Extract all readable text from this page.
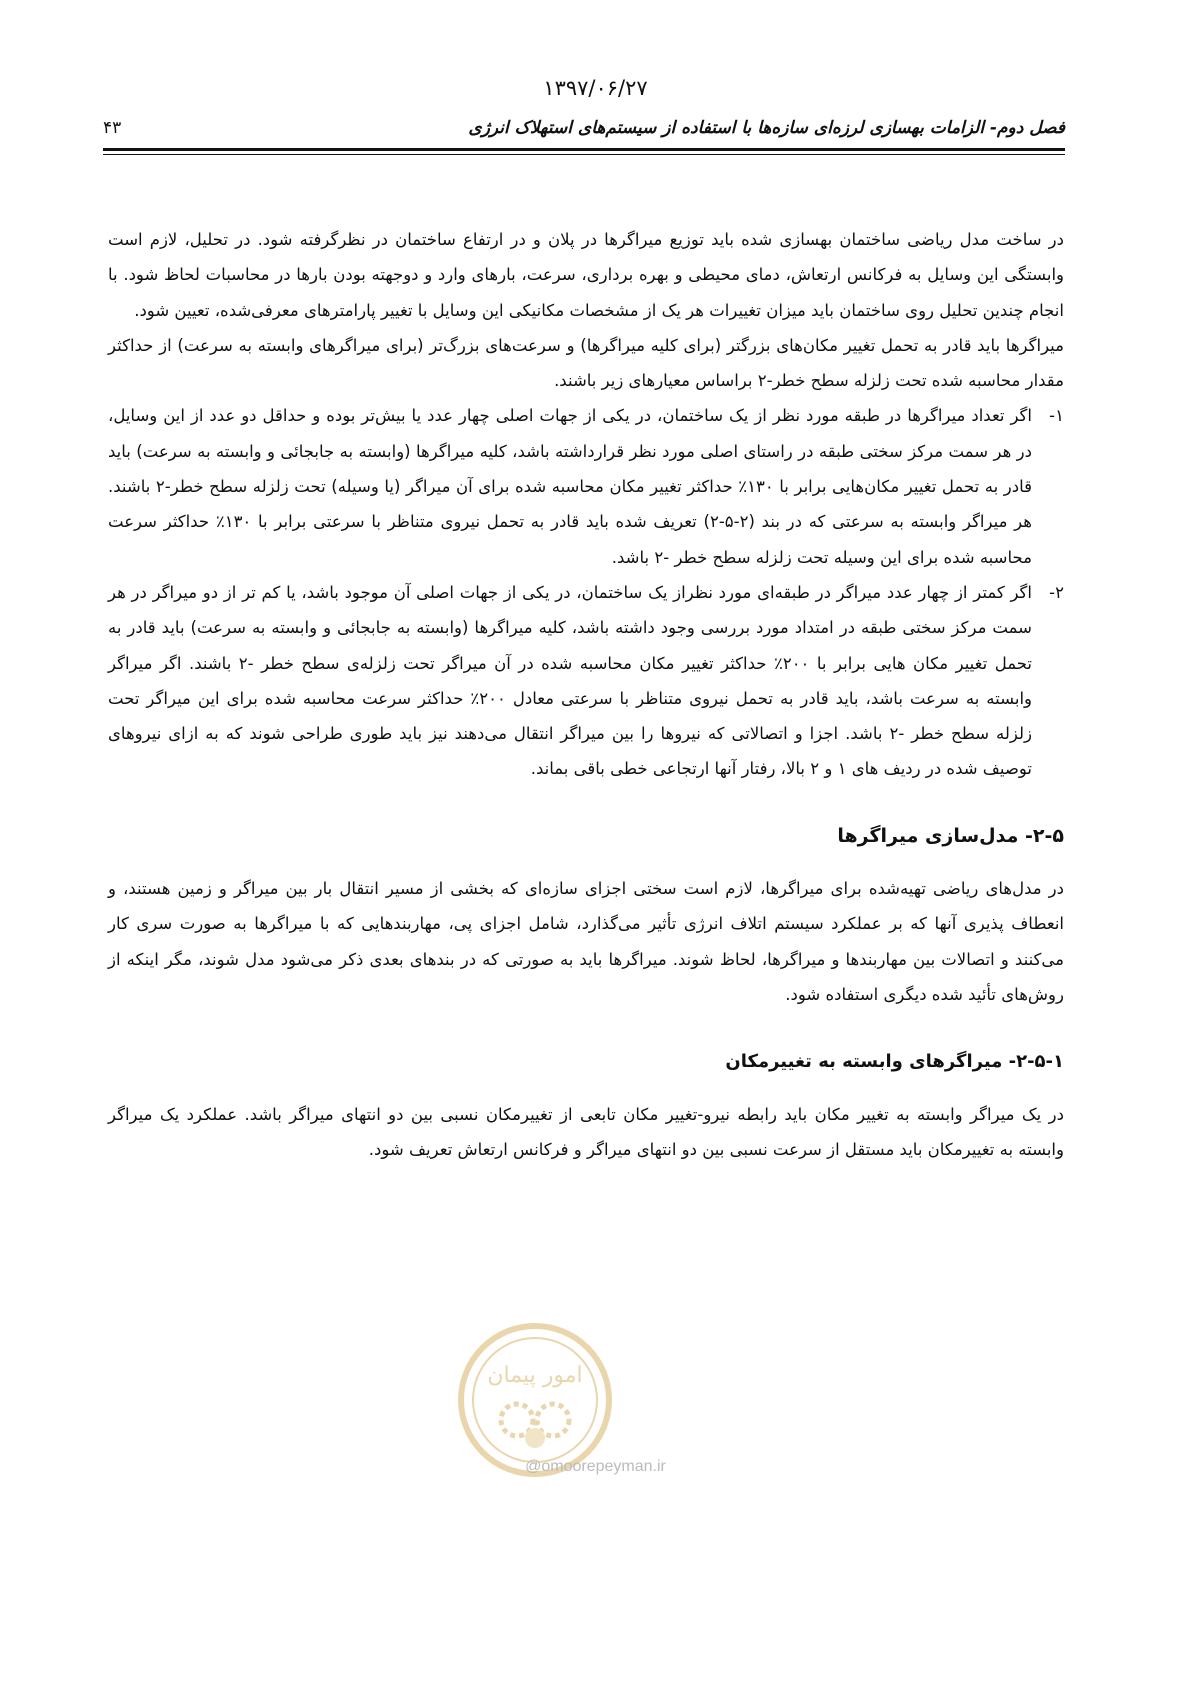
۱۳۹۷/۰۶/۲۷
فصل دوم- الزامات بهسازی لرزه‌ای سازه‌ها با استفاده از سیستم‌های استهلاک انرژی
۴۳

در ساخت مدل ریاضی ساختمان بهسازی شده باید توزیع میراگرها در پلان و در ارتفاع ساختمان در نظرگرفته شود. در تحلیل، لازم است وابستگی این وسایل به فرکانس ارتعاش، دمای محیطی و بهره برداری، سرعت، بارهای وارد و دوجهته بودن بارها در محاسبات لحاظ شود. با انجام چندین تحلیل روی ساختمان باید میزان تغییرات هر یک از مشخصات مکانیکی این وسایل با تغییر پارامترهای معرفی‌شده، تعیین شود.

میراگرها باید قادر به تحمل تغییر مکان‌های بزرگتر (برای کلیه میراگرها) و سرعت‌های بزرگ‌تر (برای میراگرهای وابسته به سرعت) از حداکثر مقدار محاسبه شده تحت زلزله سطح خطر-۲ براساس معیارهای زیر باشند.

۱-
اگر تعداد میراگرها در طبقه مورد نظر از یک ساختمان، در یکی از جهات اصلی چهار عدد یا بیش‌تر بوده و حداقل دو عدد از این وسایل، در هر سمت مرکز سختی طبقه در راستای اصلی مورد نظر قرارداشته باشد، کلیه میراگرها (وابسته به جابجائی و وابسته به سرعت) باید قادر به تحمل تغییر مکان‌هایی برابر با ۱۳۰٪ حداکثر تغییر مکان محاسبه شده برای آن میراگر (یا وسیله) تحت زلزله سطح خطر-۲ باشند. هر میراگر وابسته به سرعتی که در بند (۲-۵-۲) تعریف شده باید قادر به تحمل نیروی متناظر با سرعتی برابر با ۱۳۰٪ حداکثر سرعت محاسبه شده برای این وسیله تحت زلزله سطح خطر -۲ باشد.
۲-
اگر کمتر از چهار عدد میراگر در طبقه‌ای مورد نظراز یک ساختمان، در یکی از جهات اصلی آن موجود باشد، یا کم تر از دو میراگر در هر سمت مرکز سختی طبقه در امتداد مورد بررسی وجود داشته باشد، کلیه میراگرها (وابسته به جابجائی و وابسته به سرعت) باید قادر به تحمل تغییر مکان هایی برابر با ۲۰۰٪ حداکثر تغییر مکان محاسبه شده در آن میراگر تحت زلزله‌ی سطح خطر -۲ باشند. اگر میراگر وابسته به سرعت باشد، باید قادر به تحمل نیروی متناظر با سرعتی معادل ۲۰۰٪ حداکثر سرعت محاسبه شده برای این میراگر تحت زلزله سطح خطر -۲ باشد. اجزا و اتصالاتی که نیروها را بین میراگر انتقال می‌دهند نیز باید طوری طراحی شوند که به ازای نیروهای توصیف شده در ردیف های ۱ و ۲ بالا، رفتار آنها ارتجاعی خطی باقی بماند.

۲-۵- مدل‌سازی میراگرها

در مدل‌های ریاضی تهیه‌شده برای میراگرها، لازم است سختی اجزای سازه‌ای که بخشی از مسیر انتقال بار بین میراگر و زمین هستند، و انعطاف پذیری آنها که بر عملکرد سیستم اتلاف انرژی تأثیر می‌گذارد، شامل اجزای پی، مهاربندهایی که با میراگرها به صورت سری کار می‌کنند و اتصالات بین مهاربندها و میراگرها، لحاظ شوند. میراگرها باید به صورتی که در بندهای بعدی ذکر می‌شود مدل شوند، مگر اینکه از روش‌های تأئید شده دیگری استفاده شود.

۲-۵-۱- میراگرهای وابسته به تغییرمکان

در یک میراگر وابسته به تغییر مکان باید رابطه نیرو-تغییر مکان تابعی از تغییرمکان نسبی بین دو انتهای میراگر باشد. عملکرد یک میراگر وابسته به تغییرمکان باید مستقل از سرعت نسبی بین دو انتهای میراگر و فرکانس ارتعاش تعریف شود.

امور پیمان
@omoorepeyman.ir
